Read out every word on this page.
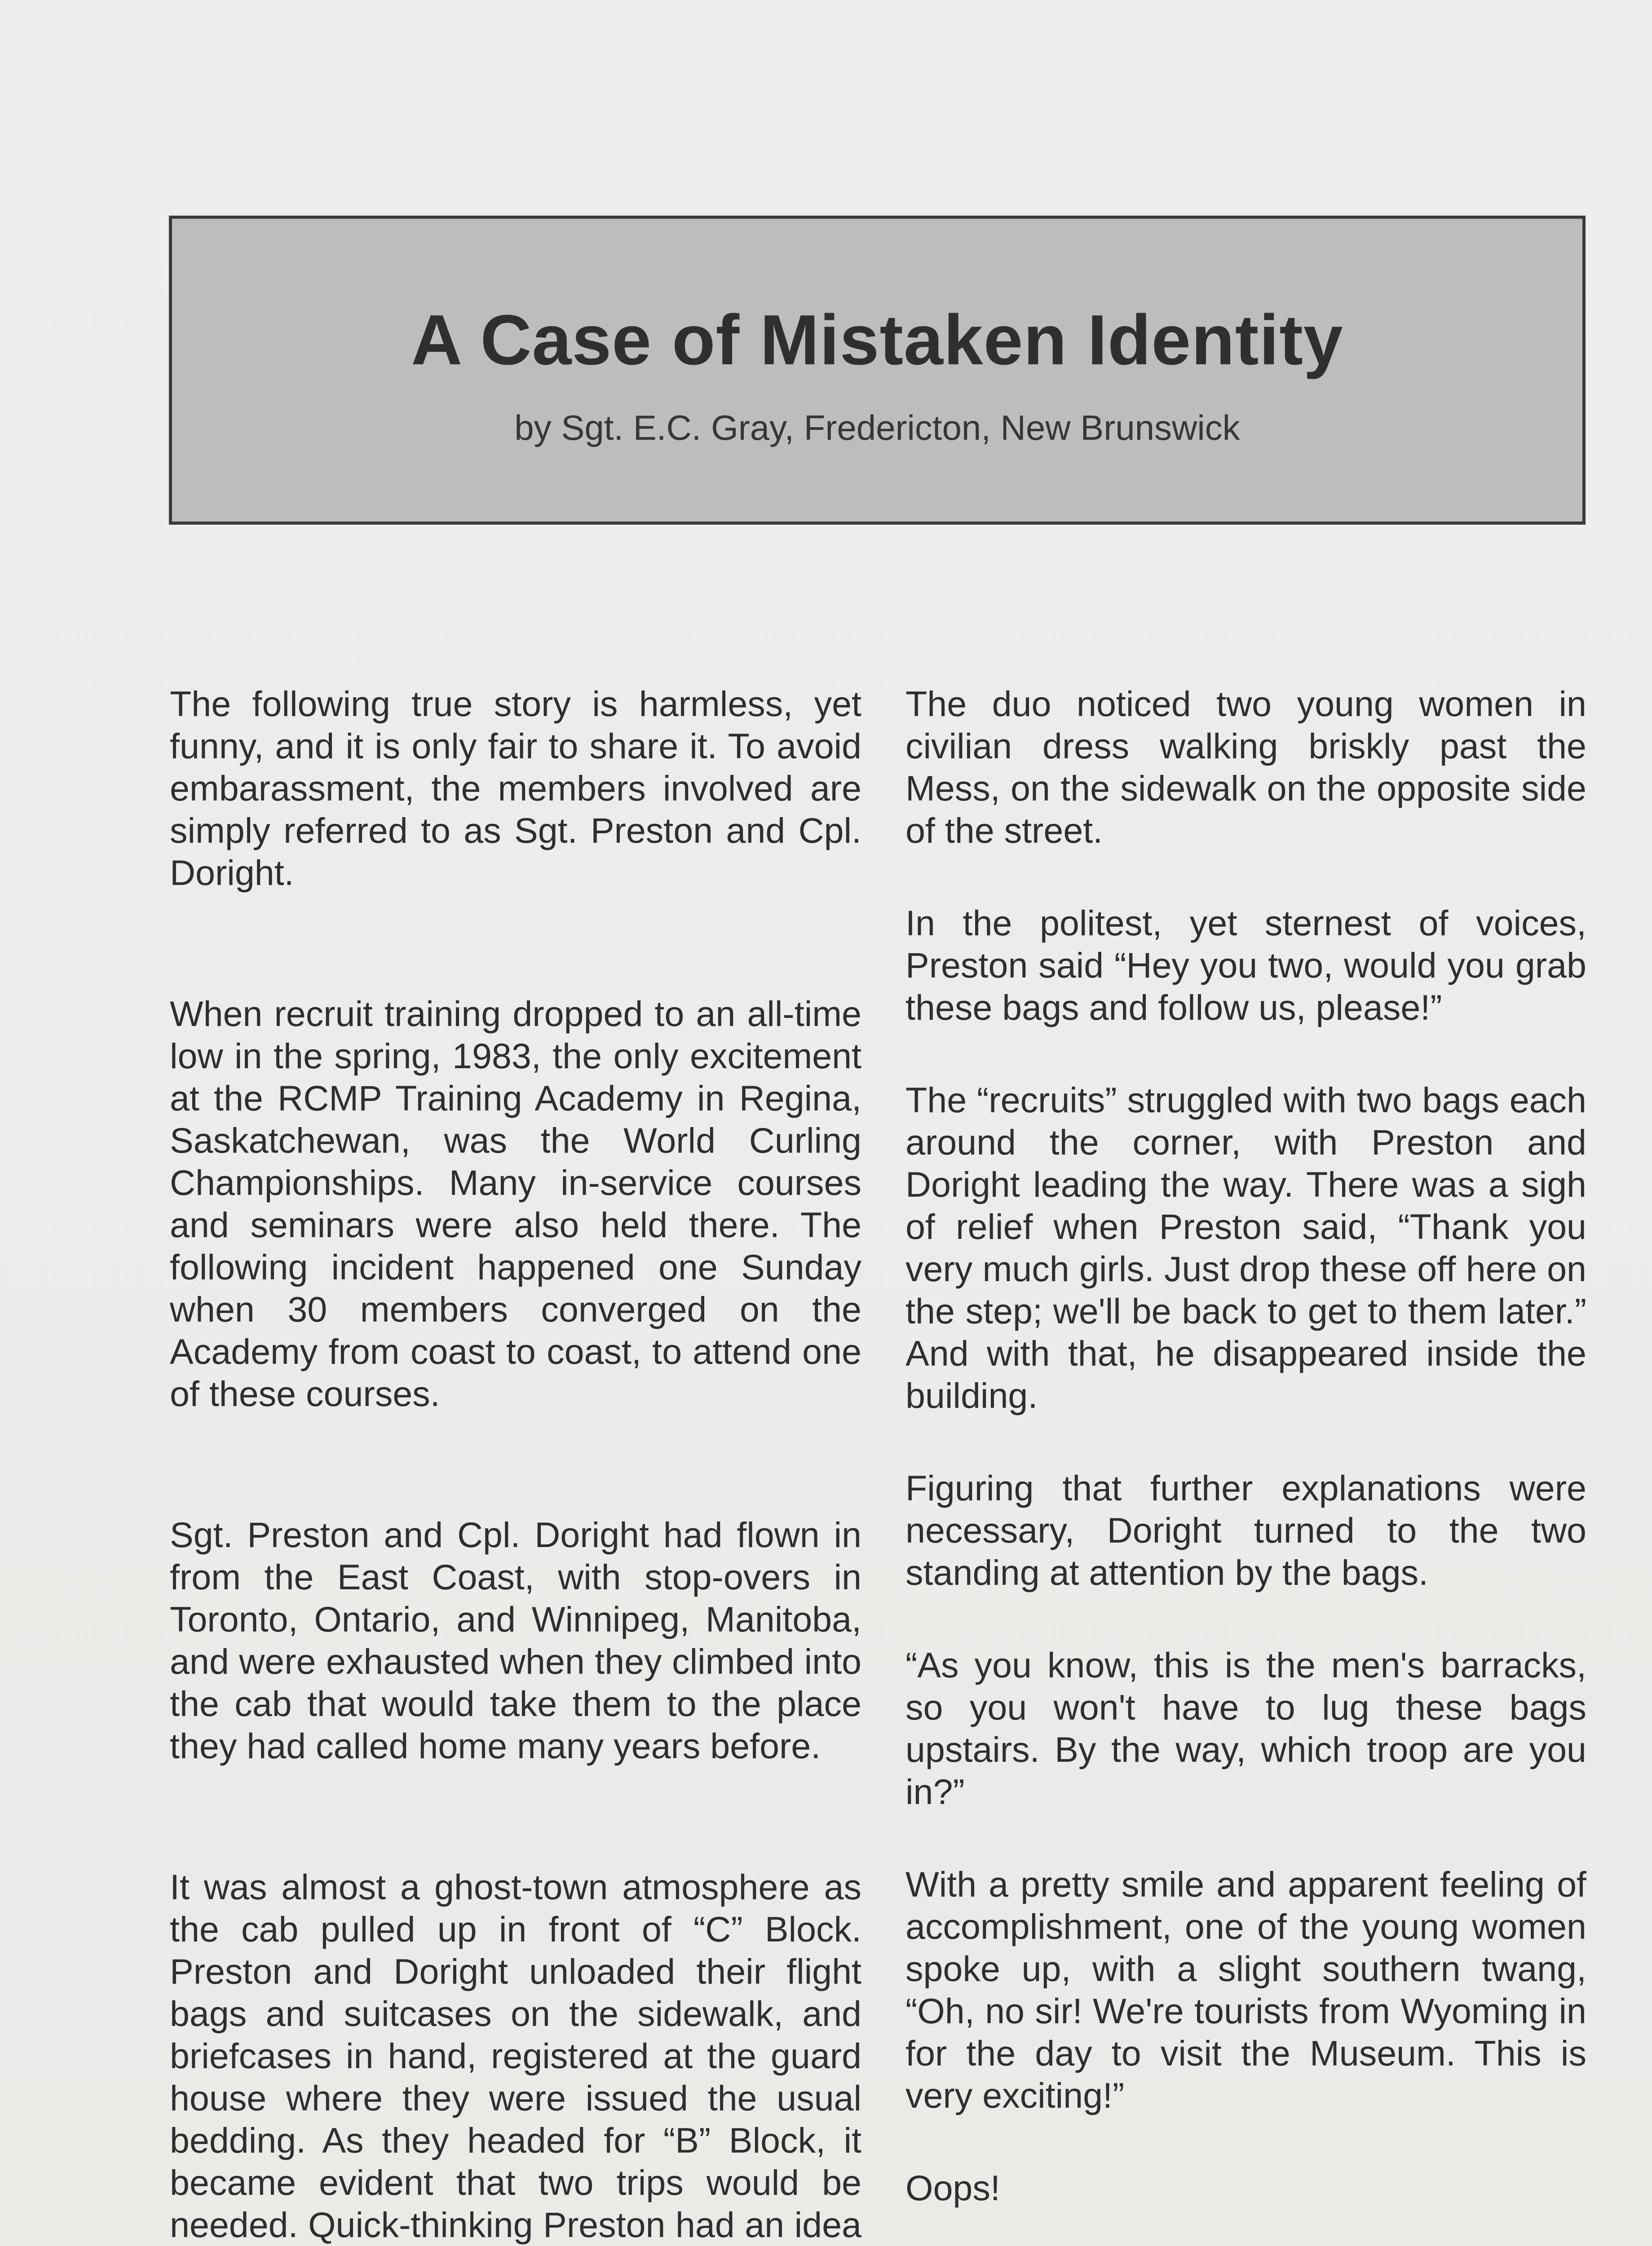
A Case of Mistaken Identity
by Sgt. E.C. Gray, Fredericton, New Brunswick

The following true story is harmless, yet funny, and it is only fair to share it. To avoid embarassment, the members involved are simply referred to as Sgt. Preston and Cpl. Doright.

When recruit training dropped to an all-time low in the spring, 1983, the only excitement at the RCMP Training Academy in Regina, Saskatchewan, was the World Curling Championships. Many in-service courses and seminars were also held there. The following incident happened one Sunday when 30 members converged on the Academy from coast to coast, to attend one of these courses.

Sgt. Preston and Cpl. Doright had flown in from the East Coast, with stop-overs in Toronto, Ontario, and Winnipeg, Manitoba, and were exhausted when they climbed into the cab that would take them to the place they had called home many years before.

It was almost a ghost-town atmosphere as the cab pulled up in front of “C” Block. Preston and Doright unloaded their flight bags and suitcases on the sidewalk, and briefcases in hand, registered at the guard house where they were issued the usual bedding. As they headed for “B” Block, it became evident that two trips would be needed. Quick-thinking Preston had an idea

The duo noticed two young women in civilian dress walking briskly past the Mess, on the sidewalk on the opposite side of the street.

In the politest, yet sternest of voices, Preston said “Hey you two, would you grab these bags and follow us, please!”

The “recruits” struggled with two bags each around the corner, with Preston and Doright leading the way. There was a sigh of relief when Preston said, “Thank you very much girls. Just drop these off here on the step; we'll be back to get to them later.” And with that, he disappeared inside the building.

Figuring that further explanations were necessary, Doright turned to the two standing at attention by the bags.

“As you know, this is the men's barracks, so you won't have to lug these bags upstairs. By the way, which troop are you in?”

With a pretty smile and apparent feeling of accomplishment, one of the young women spoke up, with a slight southern twang, “Oh, no sir! We're tourists from Wyoming in for the day to visit the Museum. This is very exciting!”

Oops!
